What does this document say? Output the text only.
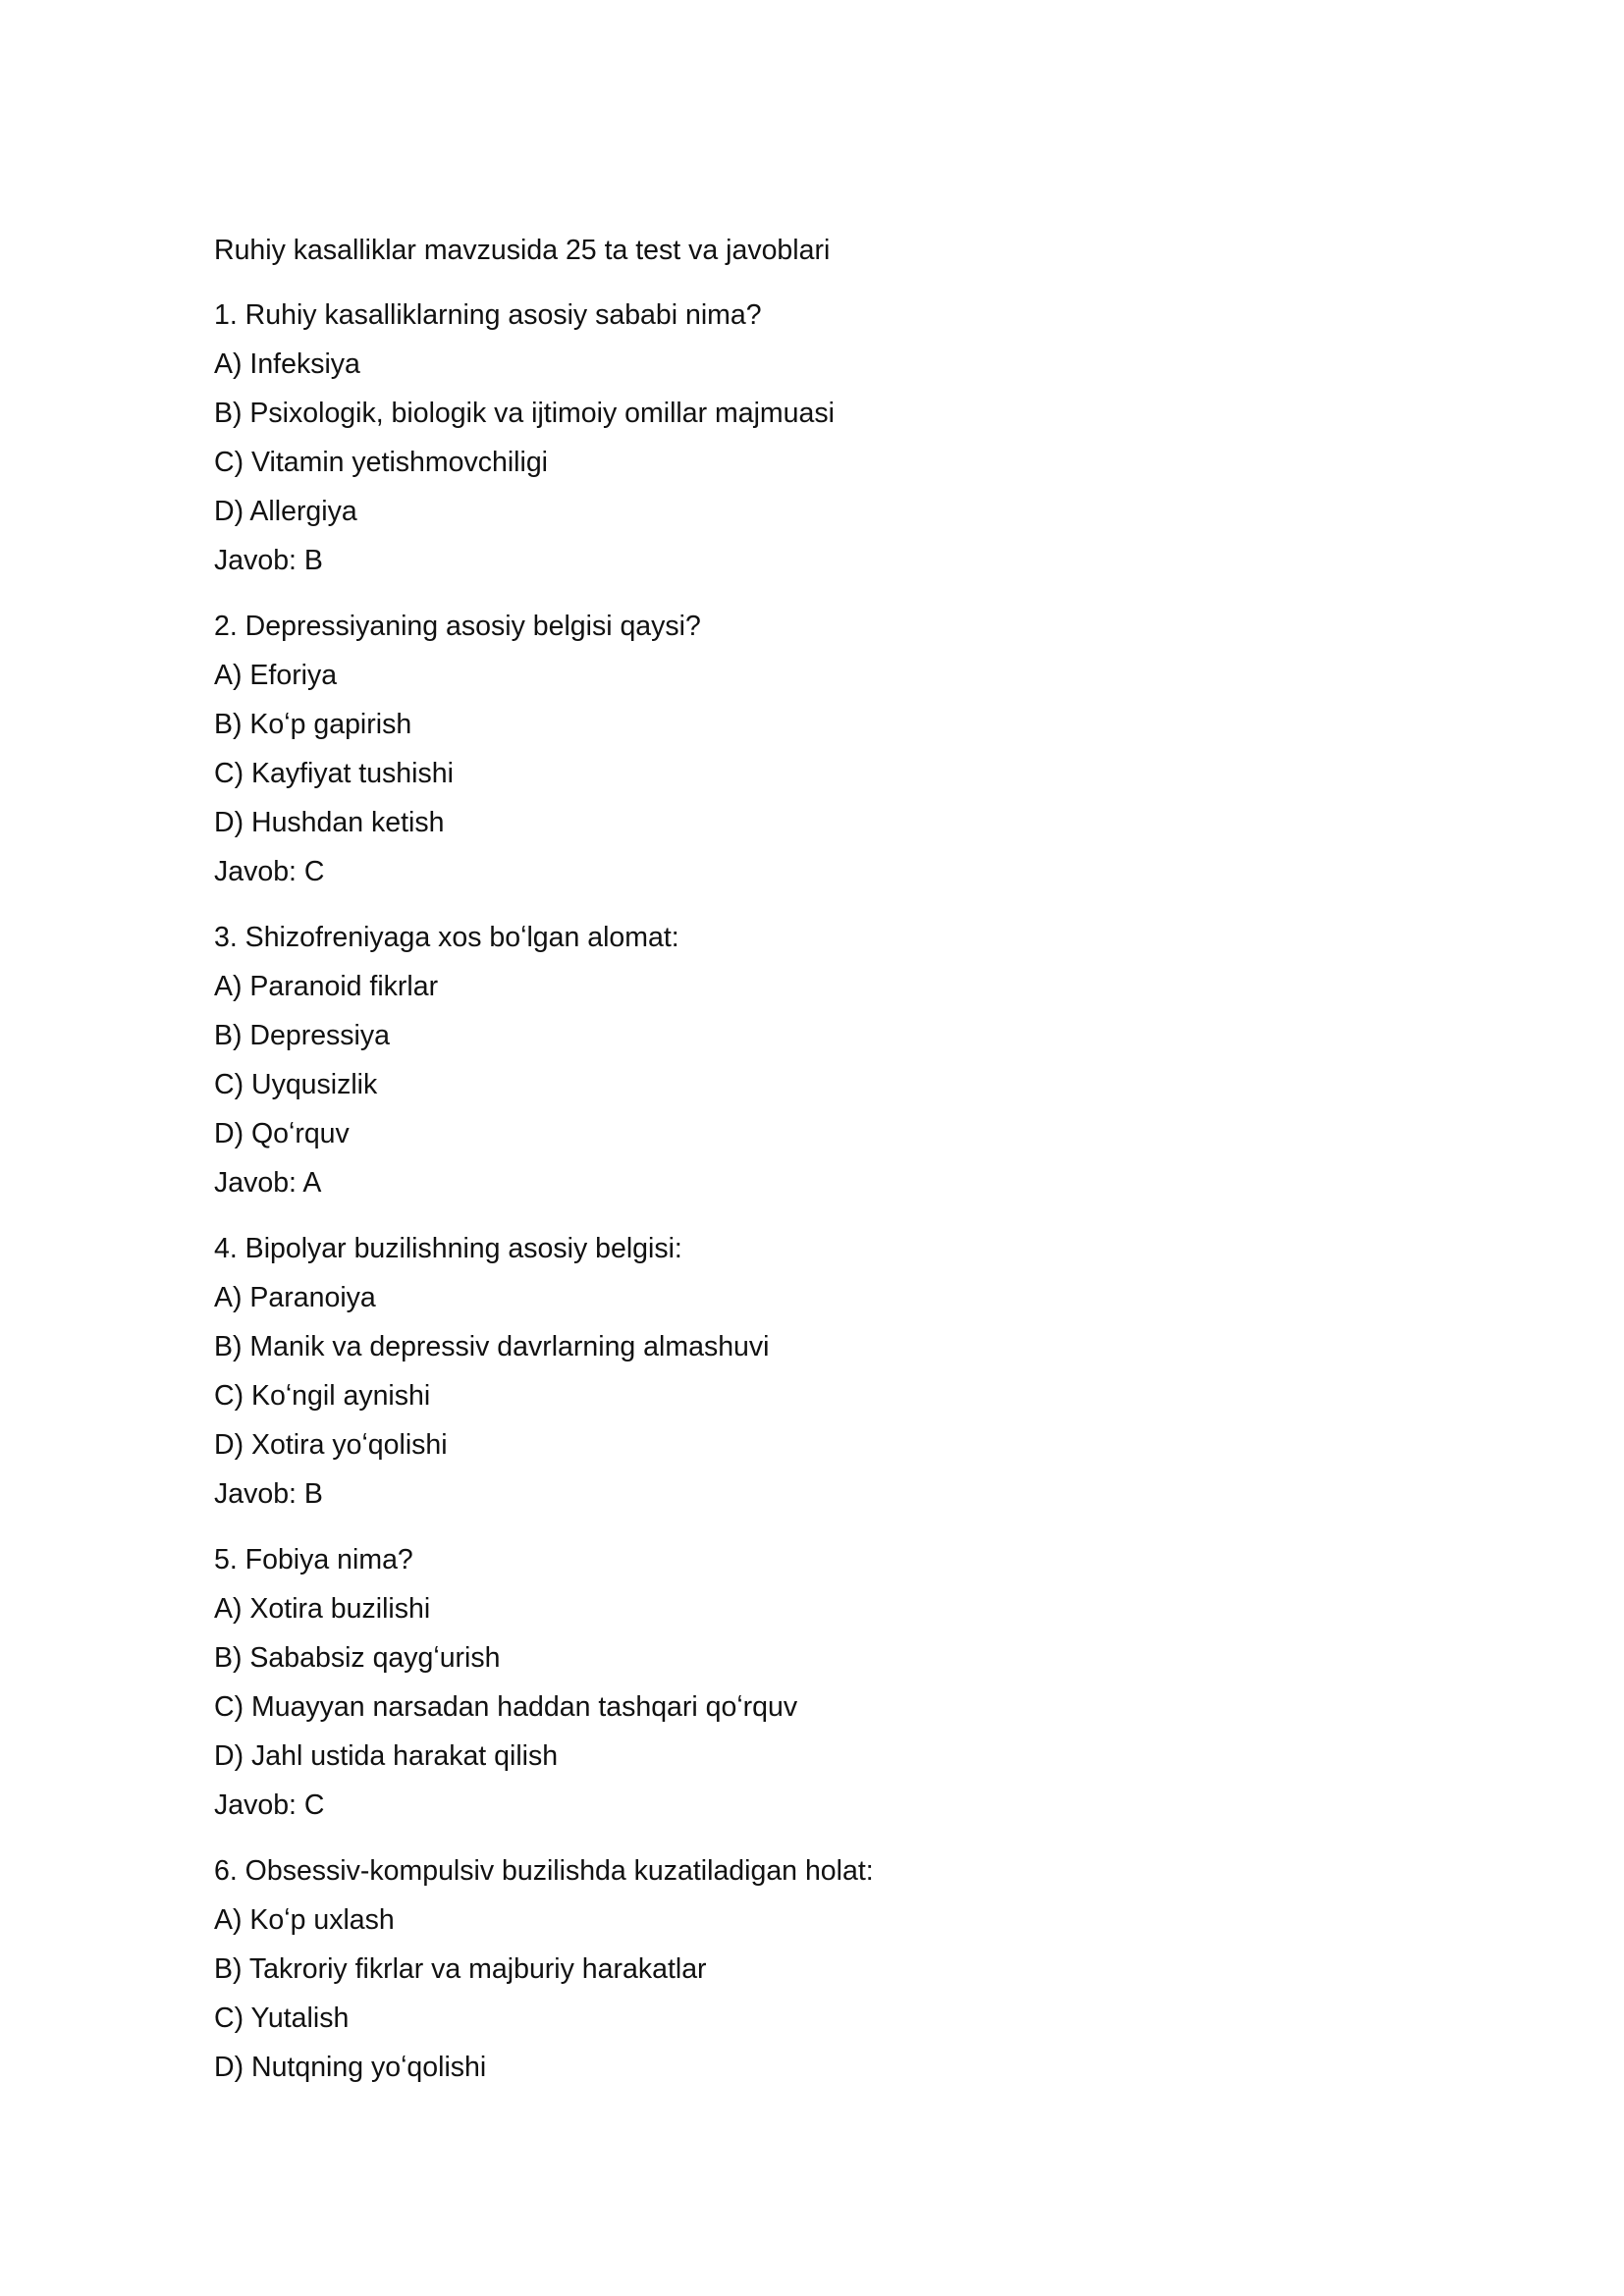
Ruhiy kasalliklar mavzusida 25 ta test va javoblari
1. Ruhiy kasalliklarning asosiy sababi nima?
A) Infeksiya
B) Psixologik, biologik va ijtimoiy omillar majmuasi
C) Vitamin yetishmovchiligi
D) Allergiya
Javob: B
2. Depressiyaning asosiy belgisi qaysi?
A) Eforiya
B) Koʻp gapirish
C) Kayfiyat tushishi
D) Hushdan ketish
Javob: C
3. Shizofreniyaga xos boʻlgan alomat:
A) Paranoid fikrlar
B) Depressiya
C) Uyqusizlik
D) Qoʻrquv
Javob: A
4. Bipolyar buzilishning asosiy belgisi:
A) Paranoiya
B) Manik va depressiv davrlarning almashuvi
C) Koʻngil aynishi
D) Xotira yoʻqolishi
Javob: B
5. Fobiya nima?
A) Xotira buzilishi
B) Sababsiz qaygʻurish
C) Muayyan narsadan haddan tashqari qoʻrquv
D) Jahl ustida harakat qilish
Javob: C
6. Obsessiv-kompulsiv buzilishda kuzatiladigan holat:
A) Koʻp uxlash
B) Takroriy fikrlar va majburiy harakatlar
C) Yutalish
D) Nutqning yoʻqolishi
